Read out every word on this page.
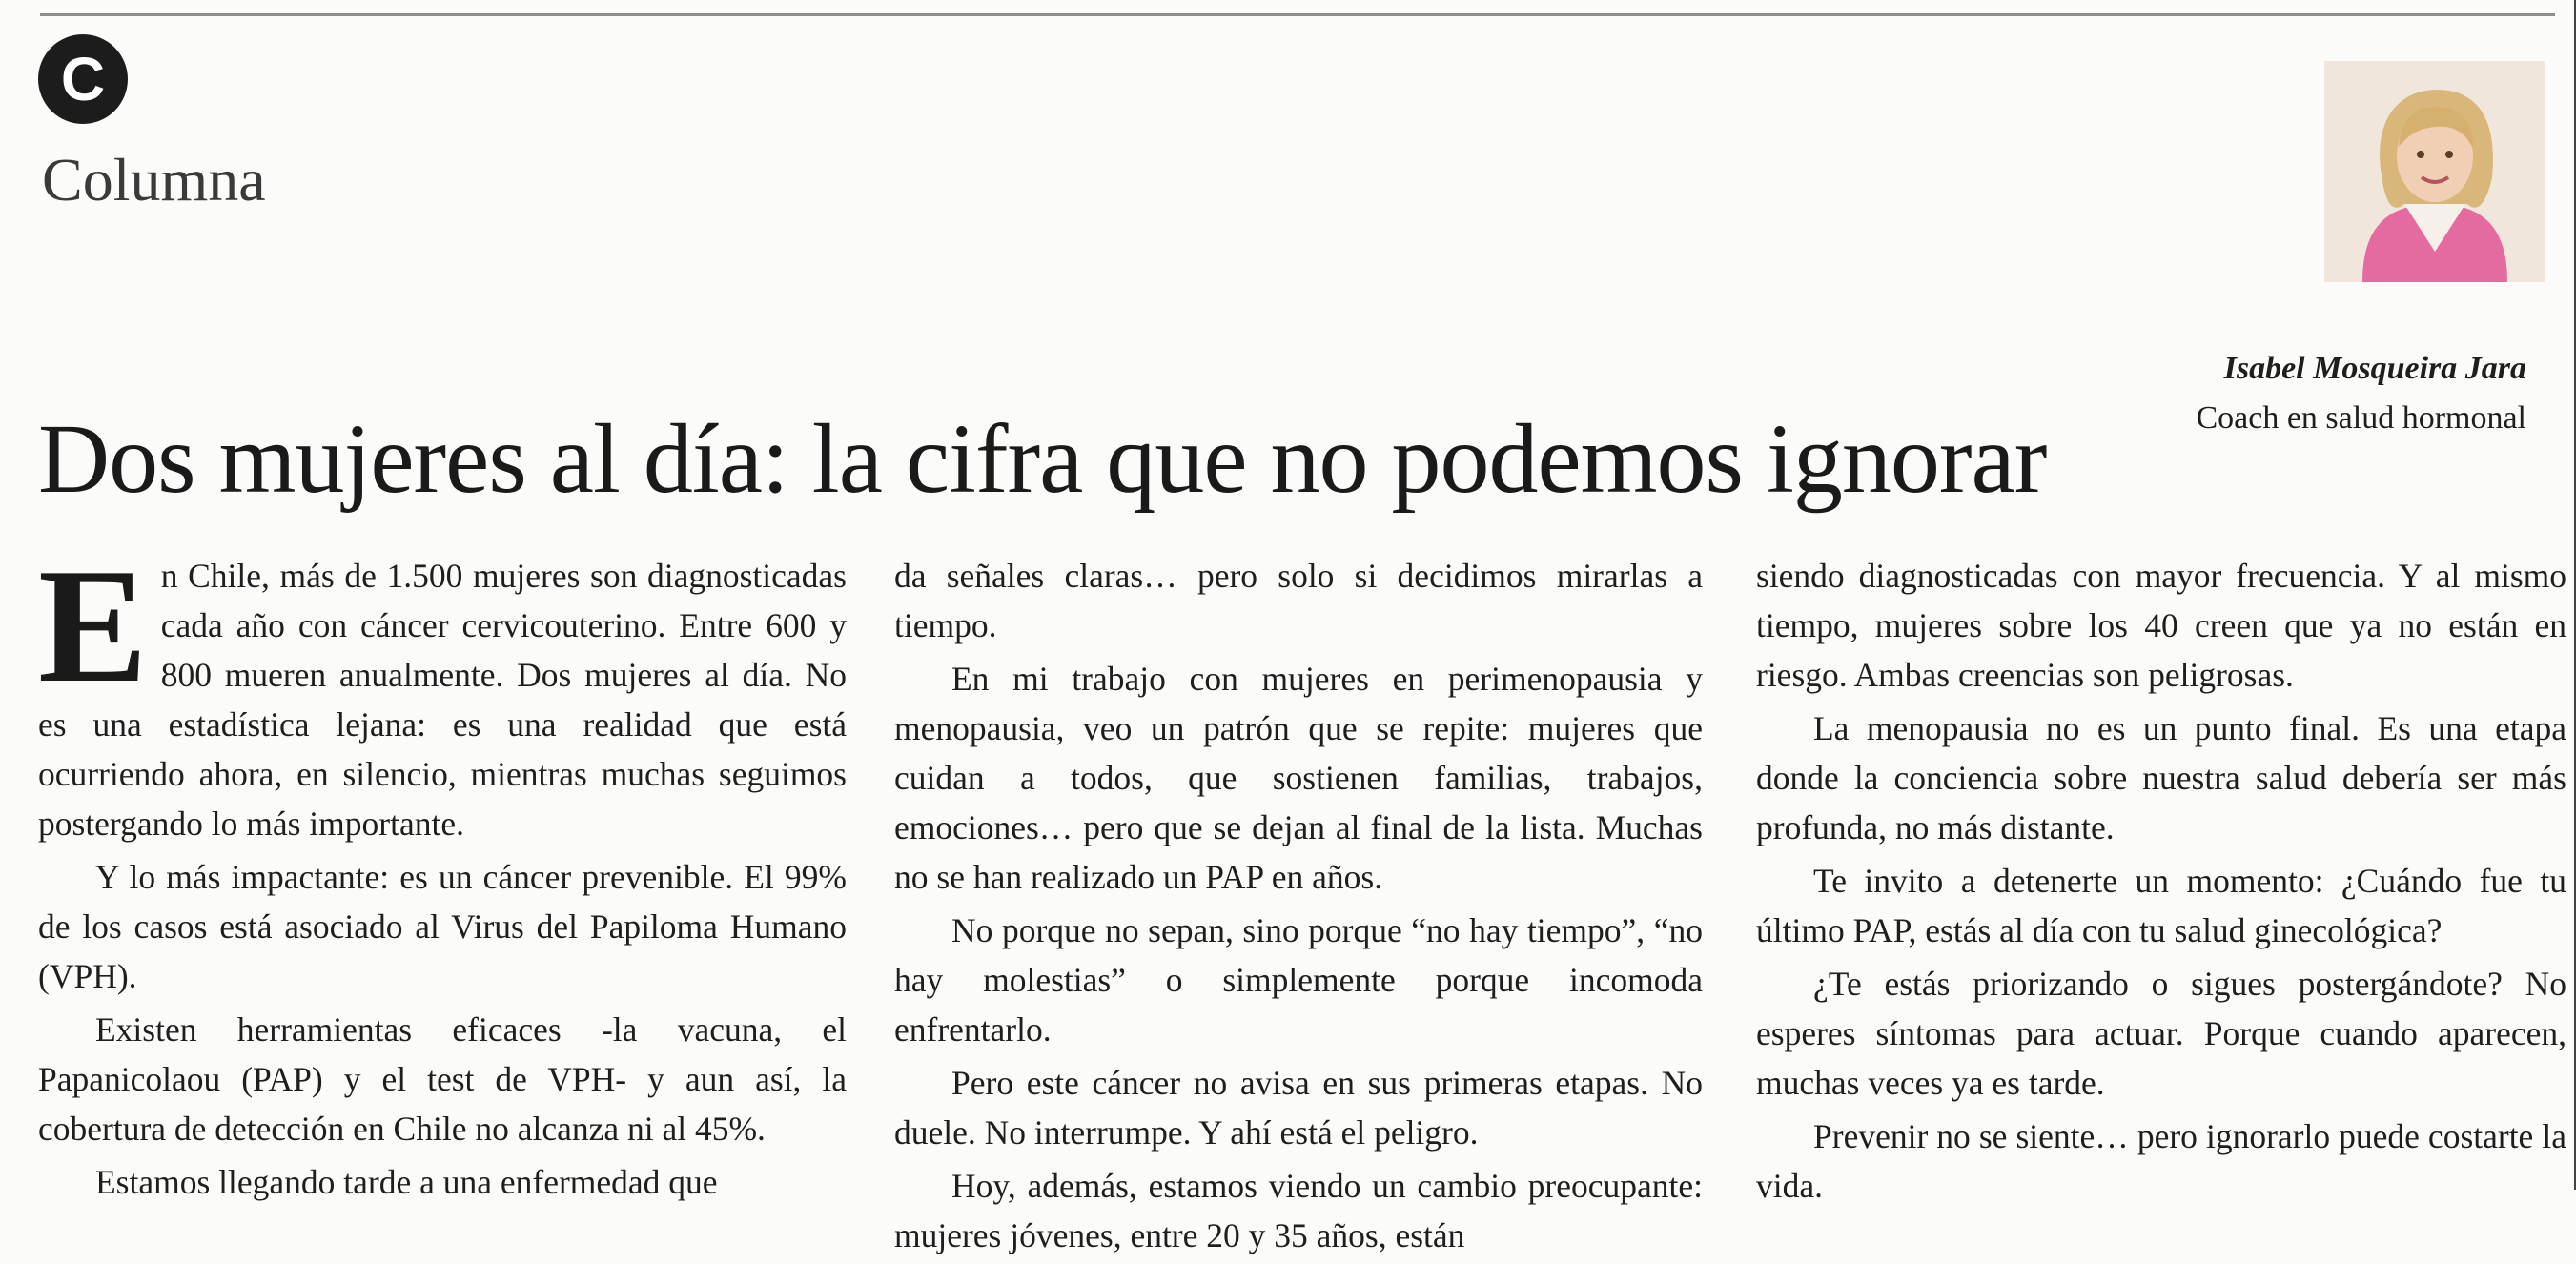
C
Columna
Isabel Mosqueira Jara
Coach en salud hormonal
Dos mujeres al día: la cifra que no podemos ignorar

En Chile, más de 1.500 mujeres son diagnosticadas cada año con cáncer cervicouterino. Entre 600 y 800 mueren anualmente. Dos mujeres al día. No es una estadística lejana: es una realidad que está ocurriendo ahora, en silencio, mientras muchas seguimos postergando lo más importante.

Y lo más impactante: es un cáncer prevenible. El 99% de los casos está asociado al Virus del Papiloma Humano (VPH).

Existen herramientas eficaces -la vacuna, el Papanicolaou (PAP) y el test de VPH- y aun así, la cobertura de detección en Chile no alcanza ni al 45%.

Estamos llegando tarde a una enfermedad que

da señales claras… pero solo si decidimos mirarlas a tiempo.

En mi trabajo con mujeres en perimenopausia y menopausia, veo un patrón que se repite: mujeres que cuidan a todos, que sostienen familias, trabajos, emociones… pero que se dejan al final de la lista. Muchas no se han realizado un PAP en años.

No porque no sepan, sino porque “no hay tiempo”, “no hay molestias” o simplemente porque incomoda enfrentarlo.

Pero este cáncer no avisa en sus primeras etapas. No duele. No interrumpe. Y ahí está el peligro.

Hoy, además, estamos viendo un cambio preocupante: mujeres jóvenes, entre 20 y 35 años, están

siendo diagnosticadas con mayor frecuencia. Y al mismo tiempo, mujeres sobre los 40 creen que ya no están en riesgo. Ambas creencias son peligrosas.

La menopausia no es un punto final. Es una etapa donde la conciencia sobre nuestra salud debería ser más profunda, no más distante.

Te invito a detenerte un momento: ¿Cuándo fue tu último PAP, estás al día con tu salud ginecológica?

¿Te estás priorizando o sigues postergándote? No esperes síntomas para actuar. Porque cuando aparecen, muchas veces ya es tarde.

Prevenir no se siente… pero ignorarlo puede costarte la vida.
